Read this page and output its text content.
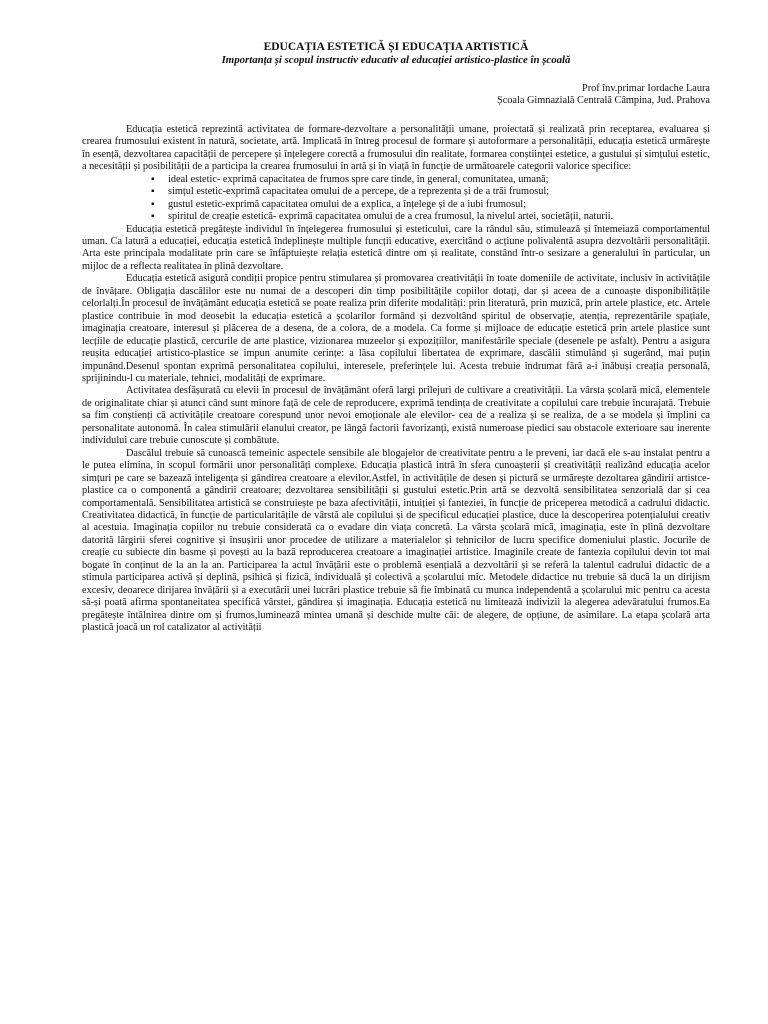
EDUCAȚIA ESTETICĂ ȘI EDUCAȚIA ARTISTICĂ

Importanța și scopul instructiv educativ al educației artistico-plastice în școală

Prof înv.primar Iordache Laura

Școala Gimnazială Centrală Câmpina, Jud. Prahova

Educația estetică reprezintă activitatea de formare-dezvoltare a personalității umane, proiectată și realizată prin receptarea, evaluarea și crearea frumosului existent în natură, societate, artă. Implicată în întreg procesul de formare și autoformare a personalității, educația estetică urmărește în esență, dezvoltarea capacității de percepere și înțelegere corectă a frumosului din realitate, formarea conștiinței estetice, a gustului și simțului estetic, a necesității și posibilității de a participa la crearea frumosului în artă și în viață în funcție de următoarele categorii valorice specifice:

▪ ideal estetic- exprimă capacitatea de frumos spre care tinde, în general, comunitatea, umană;
▪ simțul estetic-exprimă capacitatea omului de a percepe, de a reprezenta și de a trăi frumosul;
▪ gustul estetic-exprimă capacitatea omului de a explica, a înțelege și de a iubi frumosul;
▪ spiritul de creație estetică- exprimă capacitatea omului de a crea frumosul, la nivelul artei, societății, naturii.

Educația estetică pregătește individul în înțelegerea frumosului și esteticului, care la rândul său, stimulează și întemeiază comportamentul uman. Ca latură a educației, educația estetică îndeplinește multiple funcții educative, exercitând o acțiune polivalentă asupra dezvoltării personalității. Arta este principala modalitate prin care se înfăptuiește relația estetică dintre om și realitate, constând într-o sesizare a generalului în particular, un mijloc de a reflecta realitatea în plină dezvoltare.

Educația estetică asigură condiții propice pentru stimularea și promovarea creativității în toate domeniile de activitate, inclusiv în activitățile de învățare. Obligația dascălilor este nu numai de a descoperi din timp posibilitățile copiilor dotați, dar și aceea de a cunoaște disponibilitățile celorlalți.În procesul de învățământ educația estetică se poate realiza prin diferite modalități: prin literatură, prin muzică, prin artele plastice, etc. Artele plastice contribuie în mod deosebit la educația estetică a școlarilor formând și dezvoltând spiritul de observație, atenția, reprezentările spațiale, imaginația creatoare, interesul și plăcerea de a desena, de a colora, de a modela. Ca forme și mijloace de educație estetică prin artele plastice sunt lecțiile de educație plastică, cercurile de arte plastice, vizionarea muzeelor și expozițiilor, manifestările speciale (desenele pe asfalt). Pentru a asigura reușita educației artistico-plastice se impun anumite cerințe: a lăsa copilului libertatea de exprimare, dascălii stimulând și sugerând, mai puțin impunând.Desenul spontan exprimă personalitatea copilului, interesele, preferințele lui. Acesta trebuie îndrumat fără a-i înăbuși creația personală, sprijinindu-l cu materiale, tehnici, modalități de exprimare.

Activitatea desfășurată cu elevii în procesul de învățământ oferă largi prilejuri de cultivare a creativității. La vârsta școlară mică, elementele de originalitate chiar și atunci când sunt minore față de cele de reproducere, exprimă tendința de creativitate a copilului care trebuie încurajată. Trebuie sa fim conștienți că activitățile creatoare corespund unor nevoi emoționale ale elevilor- cea de a realiza și se realiza, de a se modela și împlini ca personalitate autonomă. În calea stimulării elanului creator, pe lângă factorii favorizanți, există numeroase piedici sau obstacole exterioare sau inerente individului care trebuie cunoscute și combătute.

Dascălul trebuie să cunoască temeinic aspectele sensibile ale blogajelor de creativitate pentru a le preveni, iar dacă ele s-au instalat pentru a le putea elimina, în scopul formării unor personalități complexe. Educația plastică intră în sfera cunoașterii și creativității realizând educația acelor simțuri pe care se bazează inteligența și gândirea creatoare a elevilor.Astfel, în activitățile de desen și pictură se urmărește dezoltarea gândirii artistce-plastice ca o componentă a gândirii creatoare; dezvoltarea sensibilității și gustului estetic.Prin artă se dezvoltă sensibilitatea senzorială dar și cea comportamentală. Sensibilitatea artistică se construiește pe baza afectivității, intuiției și fanteziei, în funcție de priceperea metodică a cadrului didactic. Creativitatea didactică, în funcție de particularitățile de vârstă ale copilului și de specificul educației plastice, duce la descoperirea potențialului creativ al acestuia. Imaginația copiilor nu trebuie considerată ca o evadare din viața concretă. La vârsta școlară mică, imaginația, este în plină dezvoltare datorită lărgirii sferei cognitive și însușirii unor procedee de utilizare a materialelor și tehnicilor de lucru specifice domeniului plastic. Jocurile de creație cu subiecte din basme și povești au la bază reproducerea creatoare a imaginației artistice. Imaginile create de fantezia copilului devin tot mai bogate în conținut de la an la an. Participarea la actul învățării este o problemă esențială a dezvoltării și se referă la talentul cadrului didactic de a stimula participarea activă și deplină, psihică și fizică, individuală și colectivă a școlarului mic. Metodele didactice nu trebuie să ducă la un dirijism excesiv, deoarece dirijarea învățării și a executării unei lucrări plastice trebuie să fie îmbinată cu munca independentă a școlarului mic pentru ca acesta să-și poată afirma spontaneitatea specifică vârstei, gândirea și imaginația. Educația estetică nu limitează indivizii la alegerea adevăratului frumos.Ea pregătește întâlnirea dintre om și frumos,luminează mintea umană și deschide multe căi: de alegere, de opțiune, de asimilare. La etapa școlară arta plastică joacă un rol catalizator al activității
